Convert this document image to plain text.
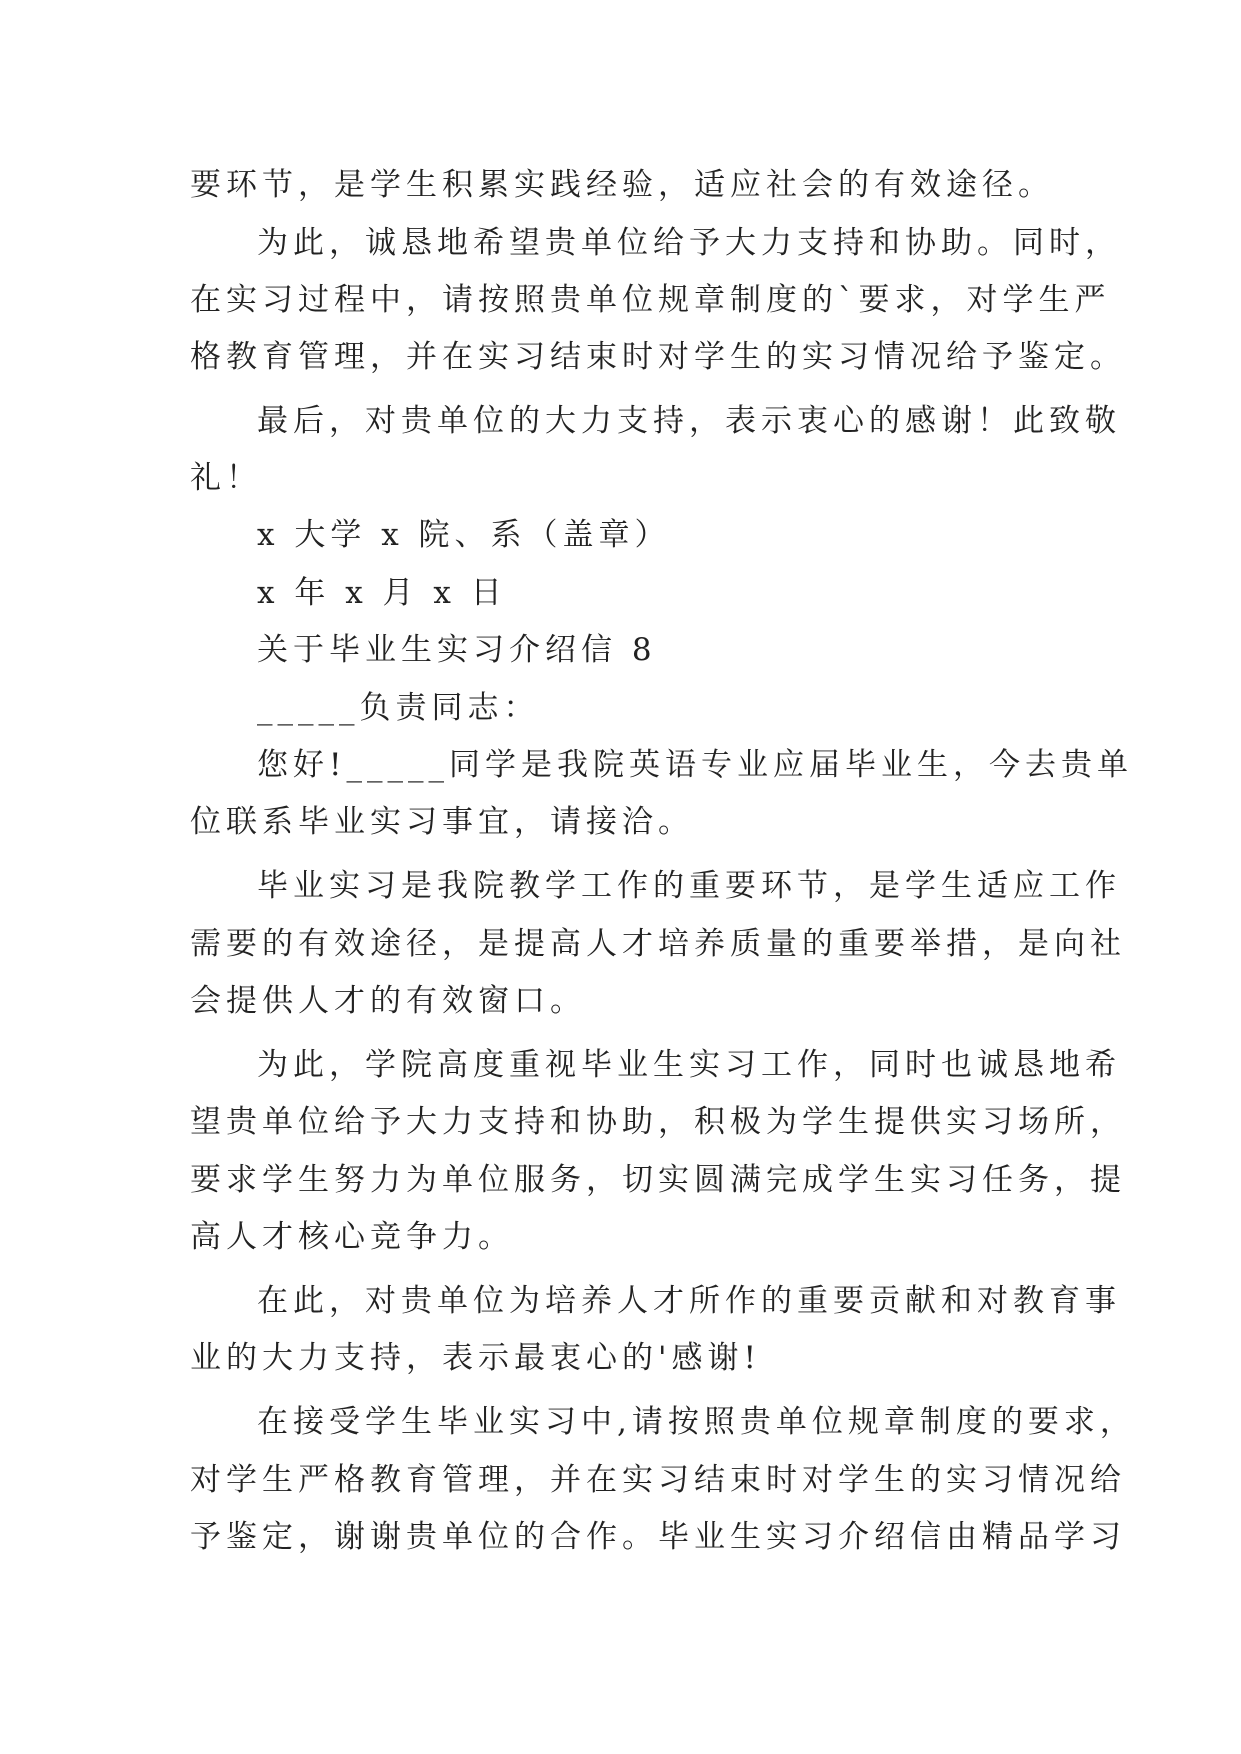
要环节，是学生积累实践经验，适应社会的有效途径。
为此，诚恳地希望贵单位给予大力支持和协助。同时，
在实习过程中，请按照贵单位规章制度的`要求，对学生严
格教育管理，并在实习结束时对学生的实习情况给予鉴定。
最后，对贵单位的大力支持，表示衷心的感谢！此致敬
礼！
x 大学 x 院、系（盖章）
x 年 x 月 x 日
关于毕业生实习介绍信 8
_____负责同志：
您好!_____同学是我院英语专业应届毕业生，今去贵单
位联系毕业实习事宜，请接洽。
毕业实习是我院教学工作的重要环节，是学生适应工作
需要的有效途径，是提高人才培养质量的重要举措，是向社
会提供人才的有效窗口。
为此，学院高度重视毕业生实习工作，同时也诚恳地希
望贵单位给予大力支持和协助，积极为学生提供实习场所，
要求学生努力为单位服务，切实圆满完成学生实习任务，提
高人才核心竞争力。
在此，对贵单位为培养人才所作的重要贡献和对教育事
业的大力支持，表示最衷心的'感谢!
在接受学生毕业实习中,请按照贵单位规章制度的要求，
对学生严格教育管理，并在实习结束时对学生的实习情况给
予鉴定，谢谢贵单位的合作。毕业生实习介绍信由精品学习
